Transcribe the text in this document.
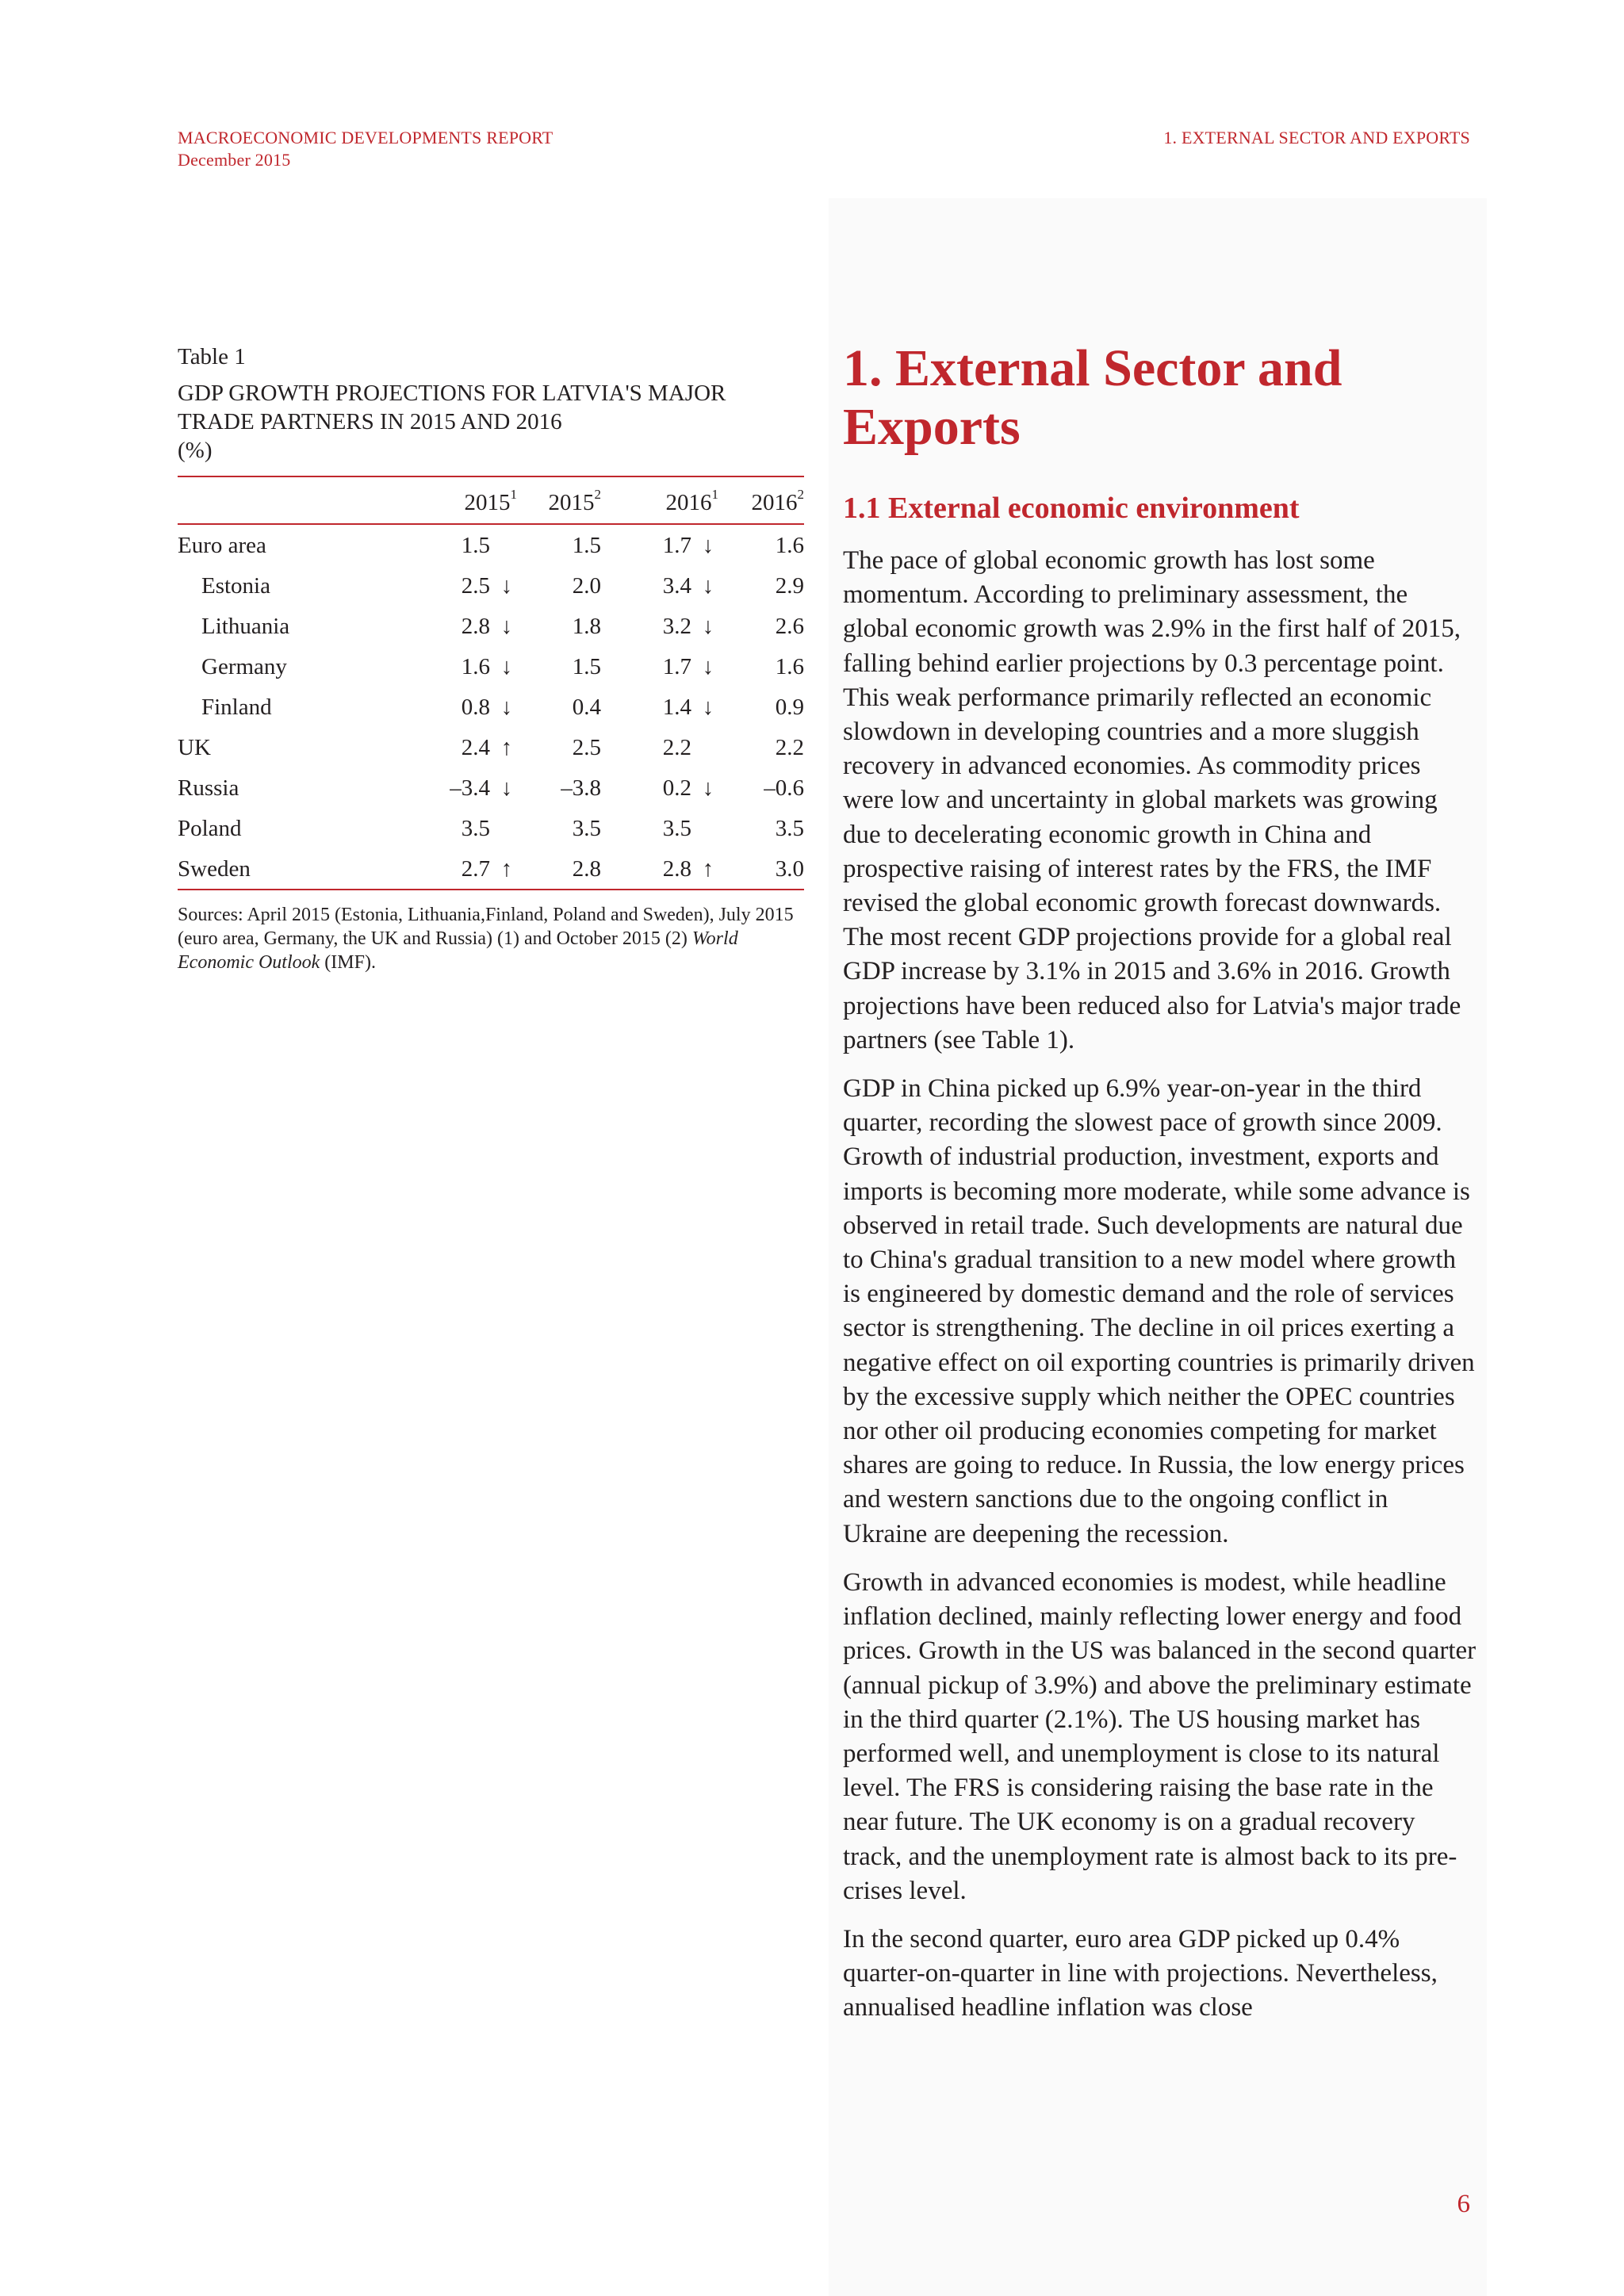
MACROECONOMIC DEVELOPMENTS REPORT
December 2015
1. EXTERNAL SECTOR AND EXPORTS
Table 1
GDP GROWTH PROJECTIONS FOR LATVIA'S MAJOR TRADE PARTNERS IN 2015 AND 2016
(%)
	2015$^1$	2015$^2$	2016$^1$	2016$^2$
Euro area	1.5	1.5	1.7 ↓	1.6
Estonia	2.5 ↓	2.0	3.4 ↓	2.9
Lithuania	2.8 ↓	1.8	3.2 ↓	2.6
Germany	1.6 ↓	1.5	1.7 ↓	1.6
Finland	0.8 ↓	0.4	1.4 ↓	0.9
UK	2.4 ↑	2.5	2.2	2.2
Russia	–3.4 ↓	–3.8	0.2 ↓	–0.6
Poland	3.5	3.5	3.5	3.5
Sweden	2.7 ↑	2.8	2.8 ↑	3.0
Sources: April 2015 (Estonia, Lithuania,Finland, Poland and Sweden), July 2015 (euro area, Germany, the UK and Russia) (1) and October 2015 (2) World Economic Outlook (IMF).
1. External Sector and Exports
1.1 External economic environment

The pace of global economic growth has lost some momentum. According to preliminary assessment, the global economic growth was 2.9% in the first half of 2015, falling behind earlier projections by 0.3 percentage point. This weak performance primarily reflected an economic slowdown in developing countries and a more sluggish recovery in advanced economies. As commodity prices were low and uncertainty in global markets was growing due to decelerating economic growth in China and prospective raising of interest rates by the FRS, the IMF revised the global economic growth forecast downwards. The most recent GDP projections provide for a global real GDP increase by 3.1% in 2015 and 3.6% in 2016. Growth projections have been reduced also for Latvia's major trade partners (see Table 1).

GDP in China picked up 6.9% year-on-year in the third quarter, recording the slowest pace of growth since 2009. Growth of industrial production, investment, exports and imports is becoming more moderate, while some advance is observed in retail trade. Such developments are natural due to China's gradual transition to a new model where growth is engineered by domestic demand and the role of services sector is strengthening. The decline in oil prices exerting a negative effect on oil exporting countries is primarily driven by the excessive supply which neither the OPEC countries nor other oil producing economies competing for market shares are going to reduce. In Russia, the low energy prices and western sanctions due to the ongoing conflict in Ukraine are deepening the recession.

Growth in advanced economies is modest, while headline inflation declined, mainly reflecting lower energy and food prices. Growth in the US was balanced in the second quarter (annual pickup of 3.9%) and above the preliminary estimate in the third quarter (2.1%). The US housing market has performed well, and unemployment is close to its natural level. The FRS is considering raising the base rate in the near future. The UK economy is on a gradual recovery track, and the unemployment rate is almost back to its pre-crises level.

In the second quarter, euro area GDP picked up 0.4% quarter-on-quarter in line with projections. Nevertheless, annualised headline inflation was close

6
